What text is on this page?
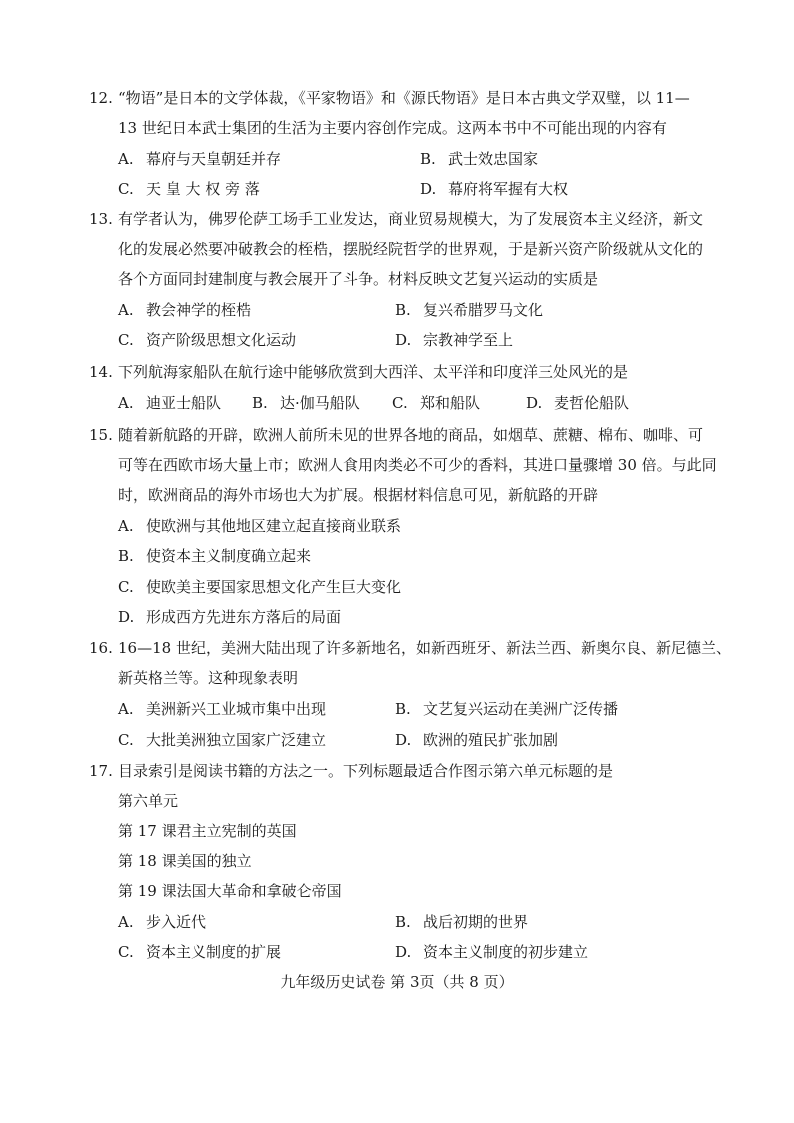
12. “物语”是日本的文学体裁，《平家物语》和《源氏物语》是日本古典文学双璧，以 11—
13 世纪日本武士集团的生活为主要内容创作完成。这两本书中不可能出现的内容有
A. 幕府与天皇朝廷并存	B. 武士效忠国家
C. 天 皇 大 权 旁 落	D. 幕府将军握有大权
13. 有学者认为，佛罗伦萨工场手工业发达，商业贸易规模大，为了发展资本主义经济，新文
化的发展必然要冲破教会的桎梏，摆脱经院哲学的世界观，于是新兴资产阶级就从文化的
各个方面同封建制度与教会展开了斗争。材料反映文艺复兴运动的实质是
A. 教会神学的桎梏	B. 复兴希腊罗马文化
C. 资产阶级思想文化运动	D. 宗教神学至上
14. 下列航海家船队在航行途中能够欣赏到大西洋、太平洋和印度洋三处风光的是
A. 迪亚士船队 B. 达·伽马船队 C. 郑和船队	D. 麦哲伦船队
15. 随着新航路的开辟，欧洲人前所未见的世界各地的商品，如烟草、蔗糖、棉布、咖啡、可
可等在西欧市场大量上市；欧洲人食用肉类必不可少的香料，其进口量骤增 30 倍。与此同
时，欧洲商品的海外市场也大为扩展。根据材料信息可见，新航路的开辟
A. 使欧洲与其他地区建立起直接商业联系
B. 使资本主义制度确立起来
C. 使欧美主要国家思想文化产生巨大变化
D. 形成西方先进东方落后的局面
16. 16—18 世纪，美洲大陆出现了许多新地名，如新西班牙、新法兰西、新奥尔良、新尼德兰、
新英格兰等。这种现象表明
A. 美洲新兴工业城市集中出现	B. 文艺复兴运动在美洲广泛传播
C. 大批美洲独立国家广泛建立	D. 欧洲的殖民扩张加剧
17. 目录索引是阅读书籍的方法之一。下列标题最适合作图示第六单元标题的是
第六单元
第 17 课君主立宪制的英国
第 18 课美国的独立
第 19 课法国大革命和拿破仑帝国
A. 步入近代	B. 战后初期的世界
C. 资本主义制度的扩展	D. 资本主义制度的初步建立
九年级历史试卷 第 3页（共 8 页）
